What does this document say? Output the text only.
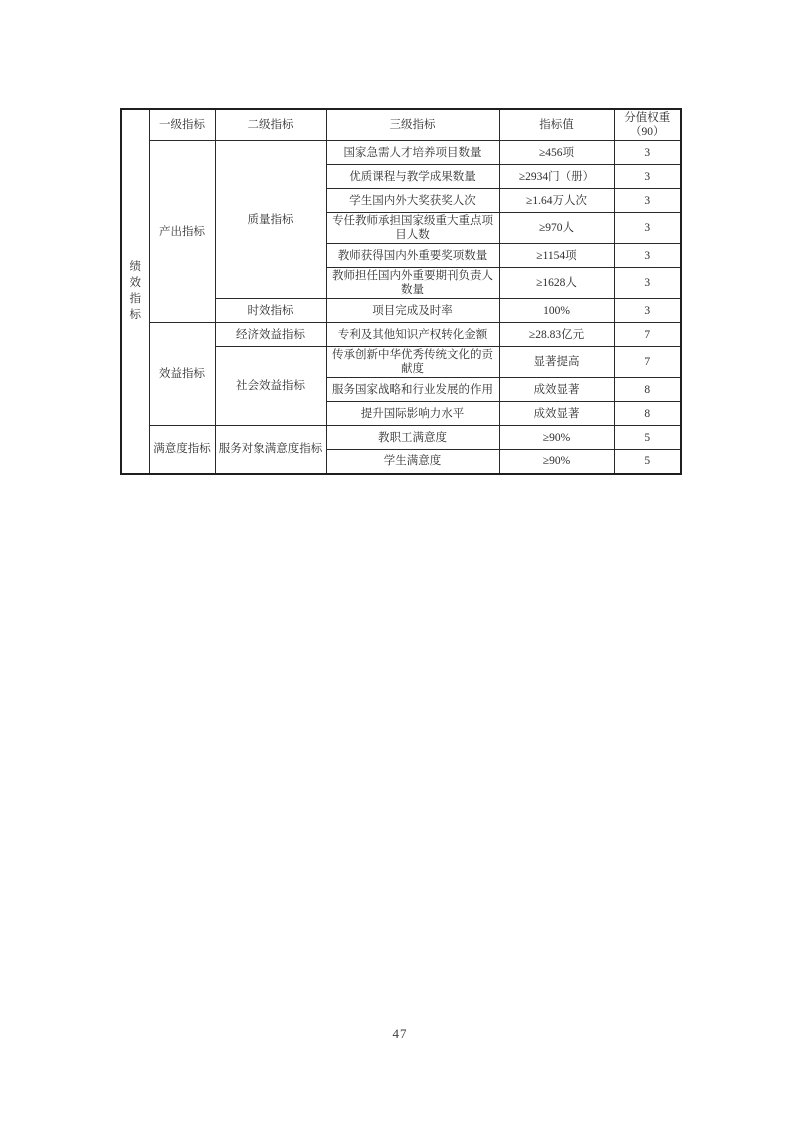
绩效指标	一级指标	二级指标	三级指标	指标值	分值权重（90）
	产出指标	质量指标	国家急需人才培养项目数量	≥456项	3
			优质课程与教学成果数量	≥2934门（册）	3
			学生国内外大奖获奖人次	≥1.64万人次	3
			专任教师承担国家级重大重点项目人数	≥970人	3
			教师获得国内外重要奖项数量	≥1154项	3
			教师担任国内外重要期刊负责人数量	≥1628人	3
		时效指标	项目完成及时率	100%	3
	效益指标	经济效益指标	专利及其他知识产权转化金额	≥28.83亿元	7
		社会效益指标	传承创新中华优秀传统文化的贡献度	显著提高	7
			服务国家战略和行业发展的作用	成效显著	8
			提升国际影响力水平	成效显著	8
	满意度指标	服务对象满意度指标	教职工满意度	≥90%	5
			学生满意度	≥90%	5
47
